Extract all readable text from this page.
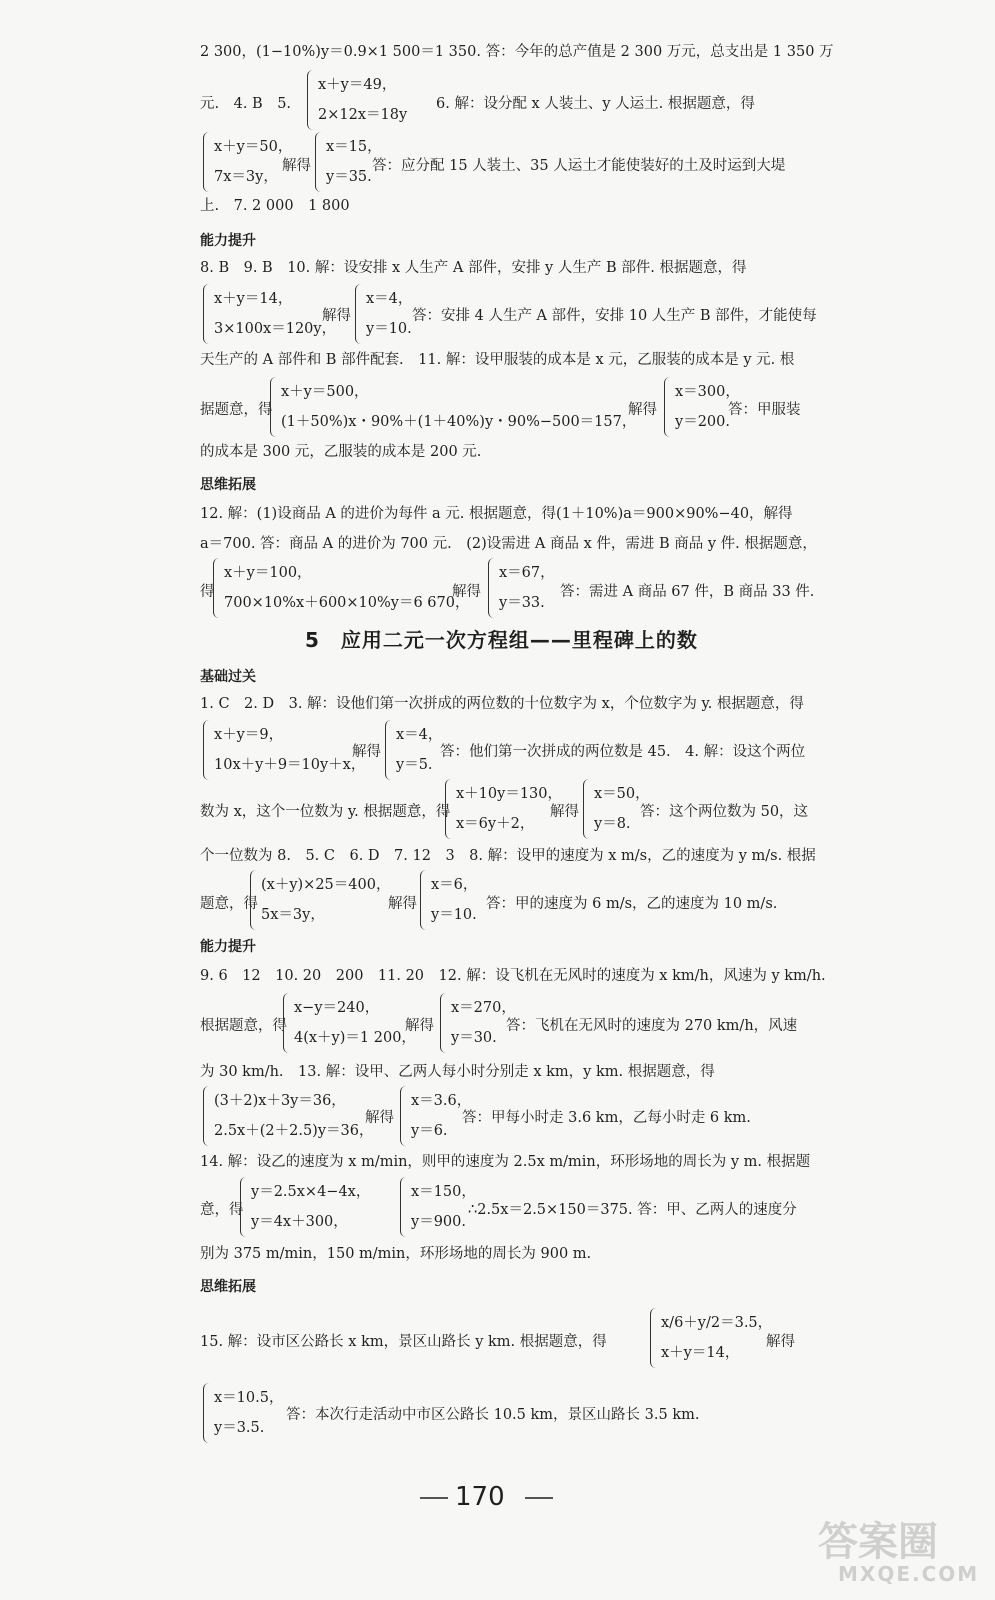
2 300，(1−10%)y＝0.9×1 500＝1 350. 答：今年的总产值是 2 300 万元，总支出是 1 350 万
元.　4. B　5.
x＋y＝49，
2×12x＝18y
6. 解：设分配 x 人装土、y 人运土. 根据题意，得
x＋y＝50，
7x＝3y，
解得
x＝15，
y＝35.
答：应分配 15 人装土、35 人运土才能使装好的土及时运到大堤
上.　7. 2 000　1 800
能力提升
8. B　9. B　10. 解：设安排 x 人生产 A 部件，安排 y 人生产 B 部件. 根据题意，得
x＋y＝14，
3×100x＝120y，
解得
x＝4，
y＝10.
答：安排 4 人生产 A 部件，安排 10 人生产 B 部件，才能使每
天生产的 A 部件和 B 部件配套.　11. 解：设甲服装的成本是 x 元，乙服装的成本是 y 元. 根
据题意，得
x＋y＝500，
(1＋50%)x・90%＋(1＋40%)y・90%−500＝157，
解得
x＝300，
y＝200.
答：甲服装
的成本是 300 元，乙服装的成本是 200 元.
思维拓展
12. 解：(1)设商品 A 的进价为每件 a 元. 根据题意，得(1＋10%)a＝900×90%−40，解得
a＝700. 答：商品 A 的进价为 700 元.　(2)设需进 A 商品 x 件，需进 B 商品 y 件. 根据题意，
得
x＋y＝100，
700×10%x＋600×10%y＝6 670，
解得
x＝67，
y＝33.
答：需进 A 商品 67 件，B 商品 33 件.
5　应用二元一次方程组——里程碑上的数
基础过关
1. C　2. D　3. 解：设他们第一次拼成的两位数的十位数字为 x，个位数字为 y. 根据题意，得
x＋y＝9，
10x＋y＋9＝10y＋x，
解得
x＝4，
y＝5.
答：他们第一次拼成的两位数是 45.　4. 解：设这个两位
数为 x，这个一位数为 y. 根据题意，得
x＋10y＝130，
x＝6y＋2，
解得
x＝50，
y＝8.
答：这个两位数为 50，这
个一位数为 8.　5. C　6. D　7. 12　3　8. 解：设甲的速度为 x m/s，乙的速度为 y m/s. 根据
题意，得
(x＋y)×25＝400，
5x＝3y，
解得
x＝6，
y＝10.
答：甲的速度为 6 m/s，乙的速度为 10 m/s.
能力提升
9. 6　12　10. 20　200　11. 20　12. 解：设飞机在无风时的速度为 x km/h，风速为 y km/h.
根据题意，得
x−y＝240，
4(x＋y)＝1 200，
解得
x＝270，
y＝30.
答：飞机在无风时的速度为 270 km/h，风速
为 30 km/h.　13. 解：设甲、乙两人每小时分别走 x km，y km. 根据题意，得
(3＋2)x＋3y＝36，
2.5x＋(2＋2.5)y＝36，
解得
x＝3.6，
y＝6.
答：甲每小时走 3.6 km，乙每小时走 6 km.
14. 解：设乙的速度为 x m/min，则甲的速度为 2.5x m/min，环形场地的周长为 y m. 根据题
意，得
y＝2.5x×4−4x，
y＝4x＋300，
x＝150，
y＝900.
∴2.5x＝2.5×150＝375. 答：甲、乙两人的速度分
别为 375 m/min，150 m/min，环形场地的周长为 900 m.
思维拓展
15. 解：设市区公路长 x km，景区山路长 y km. 根据题意，得
x/6＋y/2＝3.5，
x＋y＝14，
解得
x＝10.5，
y＝3.5.
答：本次行走活动中市区公路长 10.5 km，景区山路长 3.5 km.
170
答案圈
MXQE.COM
